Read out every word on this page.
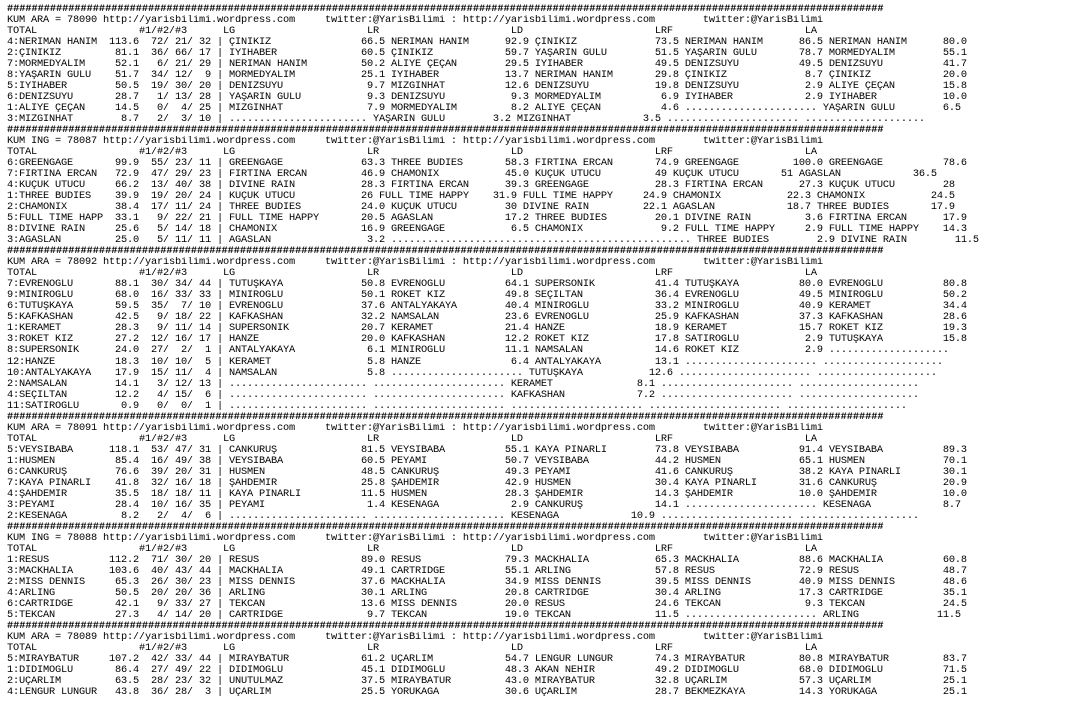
###############################################################################################################################################
KUM ARA = 78090 http://yarisbilimi.wordpress.com     twitter:@YarisBilimi : http://yarisbilimi.wordpress.com        twitter:@YarisBilimi
TOTAL                 #1/#2/#3      LG                      LR                      LD                      LRF                      LA
4:NERİMAN HANIM  113.6  72/ 21/ 32 | ÇİNİKIZ               66.5 NERİMAN HANIM      92.9 ÇİNİKIZ             73.5 NERİMAN HANIM      86.5 NERİMAN HANIM      80.0
2:ÇİNİKIZ         81.1  36/ 66/ 17 | İYİHABER              60.5 ÇİNİKIZ            59.7 YAŞARIN GÜLÜ        51.5 YAŞARIN GÜLÜ       78.7 MORMEDYALIM        55.1
7:MORMEDYALIM     52.1   6/ 21/ 29 | NERİMAN HANIM         50.2 ALİYE ÇEÇAN        29.5 İYİHABER            49.5 DENİZSUYU          49.5 DENİZSUYU          41.7
8:YAŞARIN GÜLÜ    51.7  34/ 12/  9 | MORMEDYALIM           25.1 İYİHABER           13.7 NERİMAN HANIM       29.8 ÇİNİKIZ             8.7 ÇİNİKIZ            20.0
5:İYİHABER        50.5  19/ 30/ 20 | DENİZSUYU              9.7 MİZGİNHAT          12.6 DENİZSUYU           19.8 DENİZSUYU           2.9 ALİYE ÇEÇAN        15.8
6:DENİZSUYU       28.7   1/ 13/ 28 | YAŞARIN GÜLÜ           9.3 DENİZSUYU           9.3 MORMEDYALIM          6.9 İYİHABER            2.9 İYİHABER           10.0
1:ALİYE ÇEÇAN     14.5   0/  4/ 25 | MİZGİNHAT              7.9 MORMEDYALIM         8.2 ALİYE ÇEÇAN          4.6 ...................... YAŞARIN GÜLÜ        6.5
3:MİZGİNHAT        8.7   2/  3/ 10 | ....................... YAŞARIN GÜLÜ        3.2 MİZGİNHAT            3.5 ...................... ....................
###############################################################################################################################################
KUM ING = 78087 http://yarisbilimi.wordpress.com     twitter:@YarisBilimi : http://yarisbilimi.wordpress.com        twitter:@YarisBilimi
TOTAL                 #1/#2/#3      LG                      LR                      LD                      LRF                      LA
6:GREENGAGE       99.9  55/ 23/ 11 | GREENGAGE             63.3 THREE BUDIES       58.3 FIRTINA ERCAN       74.9 GREENGAGE         100.0 GREENGAGE          78.6
7:FIRTINA ERCAN   72.9  47/ 29/ 23 | FIRTINA ERCAN         46.9 CHAMONIX           45.0 KÜÇÜK ÜTÜCÜ         49 KÜÇÜK ÜTÜCÜ       51 AĞASLAN            36.5
4:KÜÇÜK ÜTÜCÜ     66.2  13/ 40/ 38 | DIVINE RAIN           28.3 FIRTINA ERCAN      39.3 GREENGAGE           28.3 FIRTINA ERCAN      27.3 KÜÇÜK ÜTÜCÜ        28
1:THREE BUDIES    39.9  19/ 20/ 24 | KÜÇÜK ÜTÜCÜ           26 FULL TIME HAPPY    31.9 FULL TIME HAPPY     24.9 CHAMONIX           22.3 CHAMONIX           24.5
2:CHAMONIX        38.4  17/ 11/ 24 | THREE BUDIES          24.0 KÜÇÜK ÜTÜCÜ        30 DIVINE RAIN         22.1 AĞASLAN            18.7 THREE BUDIES       17.9
5:FULL TIME HAPP  33.1   9/ 22/ 21 | FULL TIME HAPPY       20.5 AĞASLAN            17.2 THREE BUDIES        20.1 DIVINE RAIN         3.6 FIRTINA ERCAN      17.9
8:DIVINE RAIN     25.6   5/ 14/ 18 | CHAMONIX              16.9 GREENGAGE           6.5 CHAMONIX             9.2 FULL TIME HAPPY     2.9 FULL TIME HAPPY    14.3
3:AĞASLAN         25.0   5/ 11/ 11 | AĞASLAN                3.2 .................................................. THREE BUDIES        2.9 DIVINE RAIN        11.5
###############################################################################################################################################
KUM ARA = 78092 http://yarisbilimi.wordpress.com     twitter:@YarisBilimi : http://yarisbilimi.wordpress.com        twitter:@YarisBilimi
TOTAL                 #1/#2/#3      LG                      LR                      LD                      LRF                      LA
7:EVRENOĞLU       88.1  30/ 34/ 44 | TUTUŞKAYA             50.8 EVRENOĞLU          64.1 SÜPERSONİK          41.4 TUTUŞKAYA          80.0 EVRENOĞLU          80.8
9:MİNİROĞLU       68.0  16/ 33/ 33 | MİNİROĞLU             50.1 ROKET KIZ          49.8 SEÇİLTAN            36.4 EVRENOĞLU          49.5 MİNİROĞLU          50.2
6:TUTUŞKAYA       59.5  35/  7/ 10 | EVRENOĞLU             37.6 ANTALYAKAYA        40.4 MİNİROĞLU           33.2 MİNİROĞLU          40.9 KERAMET            34.4
5:KAFKASHAN       42.5   9/ 18/ 22 | KAFKASHAN             32.2 NAMSALAN           23.6 EVRENOĞLU           25.9 KAFKASHAN          37.3 KAFKASHAN          28.6
1:KERAMET         28.3   9/ 11/ 14 | SÜPERSONİK            20.7 KERAMET            21.4 HANZE               18.9 KERAMET            15.7 ROKET KIZ          19.3
3:ROKET KIZ       27.2  12/ 16/ 17 | HANZE                 20.0 KAFKASHAN          12.2 ROKET KIZ           17.8 SATIROĞLU           2.9 TUTUŞKAYA          15.8
8:SÜPERSONİK      24.0  27/  2/  1 | ANTALYAKAYA            6.1 MİNİROĞLU          11.1 NAMSALAN            14.6 ROKET KIZ           2.9 ....................
12:HANZE          18.3  10/ 10/  5 | KERAMET                5.8 HANZE               6.4 ANTALYAKAYA         13.1 ...................... ....................
10:ANTALYAKAYA    17.9  15/ 11/  4 | NAMSALAN               5.8 ...................... TUTUŞKAYA           12.6 ...................... ....................
2:NAMSALAN        14.1   3/ 12/ 13 | ....................... ...................... KERAMET              8.1 ...................... ....................
4:SEÇİLTAN        12.2   4/ 15/  6 | ....................... ...................... KAFKASHAN            7.2 ...................... ....................
11:SATIROĞLU       0.9   0/  0/  1 | ....................... ...................... ...................... ...................... ....................
###############################################################################################################################################
KUM ARA = 78091 http://yarisbilimi.wordpress.com     twitter:@YarisBilimi : http://yarisbilimi.wordpress.com        twitter:@YarisBilimi
TOTAL                 #1/#2/#3      LG                      LR                      LD                      LRF                      LA
5:VEYSİBABA      118.1  53/ 47/ 31 | CANKURUŞ              81.5 VEYSİBABA          55.1 KAYA PINARLI        73.8 VEYSİBABA          91.4 VEYSİBABA          89.3
1:HÜSMEN          85.4  16/ 49/ 38 | VEYSİBABA             60.5 PEYAMİ             50.7 VEYSİBABA           44.2 HÜSMEN             65.1 HÜSMEN             70.1
6:CANKURUŞ        76.6  39/ 20/ 31 | HÜSMEN                48.5 CANKURUŞ           49.3 PEYAMİ              41.6 CANKURUŞ           38.2 KAYA PINARLI       30.1
7:KAYA PINARLI    41.8  32/ 16/ 18 | ŞAHDEMİR              25.8 ŞAHDEMİR           42.9 HÜSMEN              30.4 KAYA PINARLI       31.6 CANKURUŞ           20.9
4:ŞAHDEMİR        35.5  18/ 18/ 11 | KAYA PINARLI          11.5 HÜSMEN             28.3 ŞAHDEMİR            14.3 ŞAHDEMİR           10.0 ŞAHDEMİR           10.0
3:PEYAMİ          28.4  10/ 16/ 35 | PEYAMİ                 1.4 KESENAĞA            2.9 CANKURUŞ            14.1 ...................... KESENAĞA            8.7
2:KESENAĞA         8.2   2/  4/  6 | ....................... ...................... KESENAĞA            10.9 ...................... ....................
###############################################################################################################################################
KUM ING = 78088 http://yarisbilimi.wordpress.com     twitter:@YarisBilimi : http://yarisbilimi.wordpress.com        twitter:@YarisBilimi
TOTAL                 #1/#2/#3      LG                      LR                      LD                      LRF                      LA
1:RESUS          112.2  71/ 30/ 20 | RESUS                 89.0 RESUS              79.3 MACKHALIA           65.3 MACKHALIA          88.6 MACKHALIA          60.8
3:MACKHALIA      103.6  40/ 43/ 44 | MACKHALIA             49.1 CARTRIDGE          55.1 ARLING              57.8 RESUS              72.9 RESUS              48.7
2:MISS DENNIS     65.3  26/ 30/ 23 | MISS DENNIS           37.6 MACKHALIA          34.9 MISS DENNIS         39.5 MISS DENNIS        40.9 MISS DENNIS        48.6
4:ARLING          50.5  20/ 20/ 36 | ARLING                30.1 ARLING             20.8 CARTRIDGE           30.4 ARLING             17.3 CARTRIDGE          35.1
6:CARTRIDGE       42.1   9/ 33/ 27 | TEKCAN                13.6 MISS DENNIS        20.0 RESUS               24.6 TEKCAN              9.3 TEKCAN             24.5
5:TEKCAN          27.3   4/ 14/ 20 | CARTRIDGE              9.7 TEKCAN             19.0 TEKCAN              11.5 ...................... ARLING             11.5
###############################################################################################################################################
KUM ARA = 78089 http://yarisbilimi.wordpress.com     twitter:@YarisBilimi : http://yarisbilimi.wordpress.com        twitter:@YarisBilimi
TOTAL                 #1/#2/#3      LG                      LR                      LD                      LRF                      LA
5:MİRAYBATUR     107.2  42/ 33/ 44 | MİRAYBATUR            61.2 UÇARLIM            54.7 LENGÜR LÜNGÜR       74.3 MİRAYBATUR         80.8 MİRAYBATUR         83.7
1:DİDİMOĞLU       86.4  27/ 49/ 22 | DİDİMOĞLU             45.1 DİDİMOĞLU          48.3 AKAN NEHİR          49.2 DİDİMOĞLU          68.0 DİDİMOĞLU          71.5
2:UÇARLIM         63.5  28/ 23/ 32 | UNUTULMAZ             37.5 MİRAYBATUR         43.0 MİRAYBATUR          32.8 UÇARLIM            57.3 UÇARLIM            25.1
4:LENGÜR LÜNGÜR   43.8  36/ 28/  3 | UÇARLIM               25.5 YÖRÜKAĞA           30.6 UÇARLIM             28.7 BEKMEZKAYA         14.3 YÖRÜKAĞA           25.1
